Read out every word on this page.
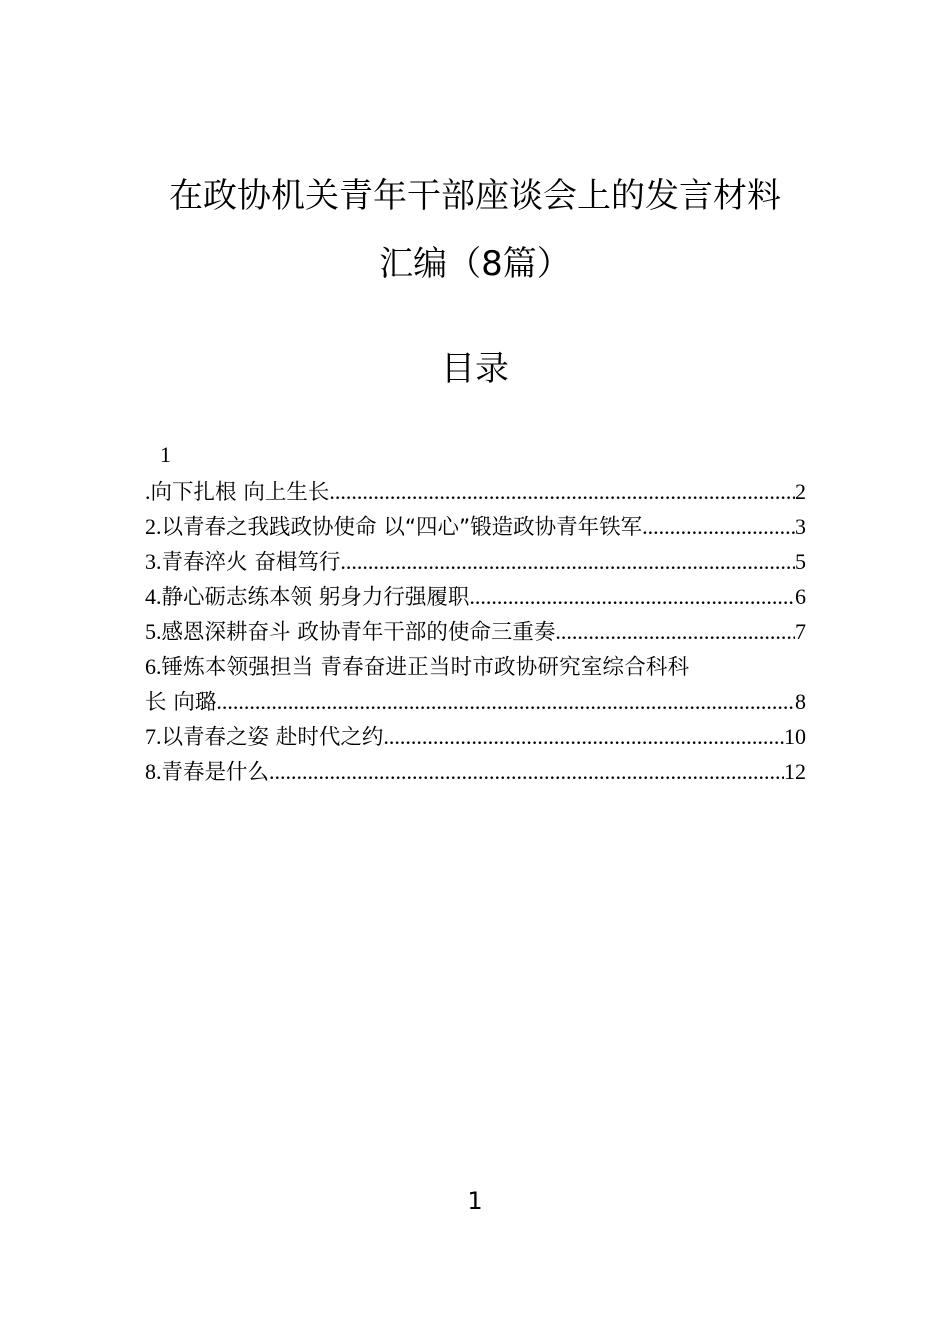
在政协机关青年干部座谈会上的发言材料
汇编（8篇）
目录
1
. 向下扎根 向上生长 .....	2
2. 以青春之我践政协使命 以“四心”锻造政协青年铁军 .....	3
3. 青春淬火 奋楫笃行 .....	5
4. 静心砺志练本领 躬身力行强履职 .....	6
5. 感恩深耕奋斗 政协青年干部的使命三重奏 .....	7
6. 锤炼本领强担当 青春奋进正当时市政协研究室综合科科
长 向璐 .....	8
7. 以青春之姿 赴时代之约 .....	10
8. 青春是什么 .....	12
1
